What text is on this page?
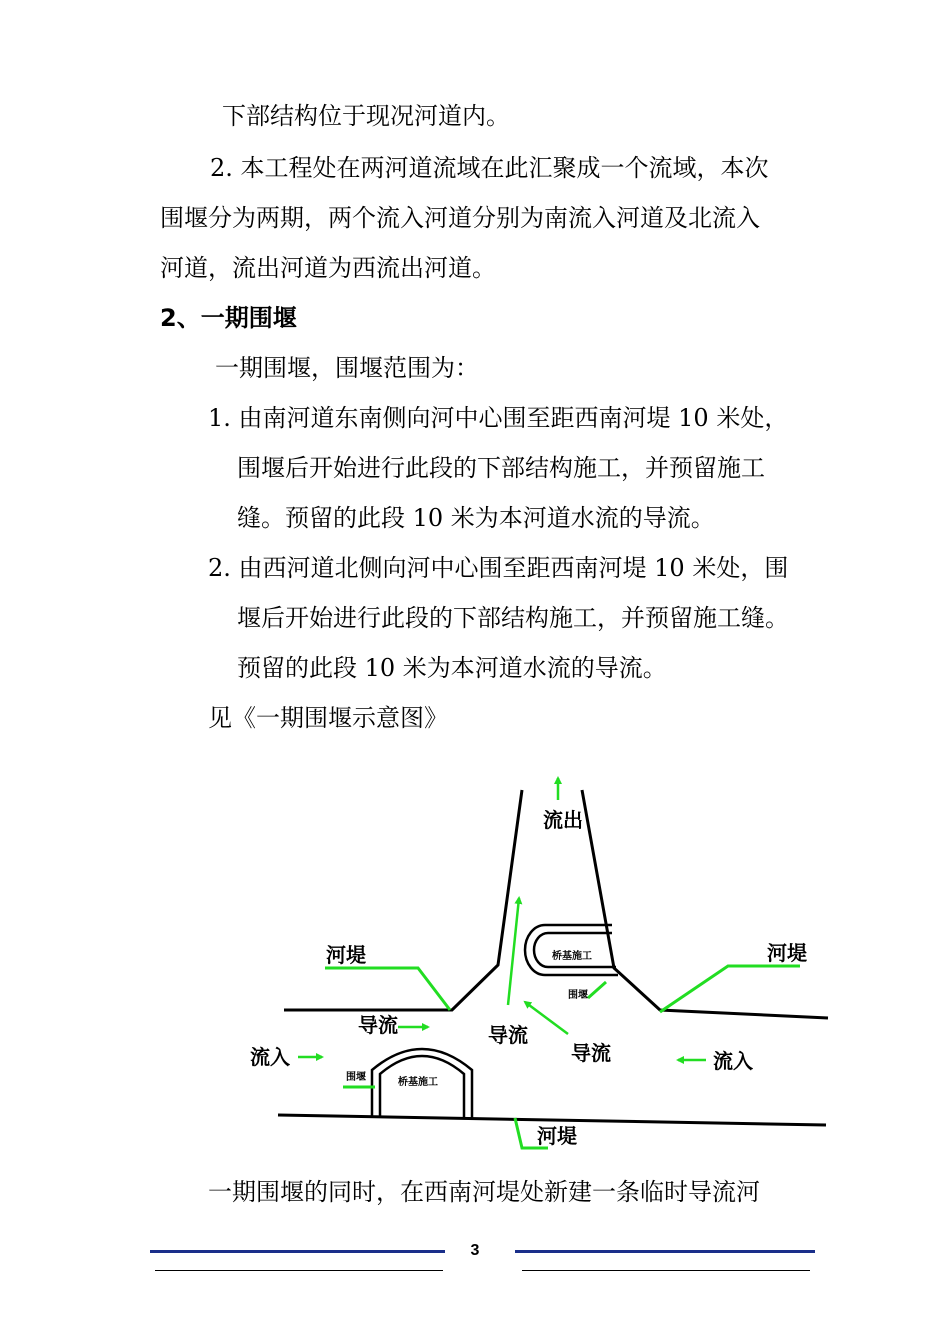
下部结构位于现况河道内。
2. 本工程处在两河道流域在此汇聚成一个流域，本次
围堰分为两期，两个流入河道分别为南流入河道及北流入
河道，流出河道为西流出河道。
2、一期围堰
一期围堰，围堰范围为：
1. 由南河道东南侧向河中心围至距西南河堤 10 米处，
围堰后开始进行此段的下部结构施工，并预留施工
缝。预留的此段 10 米为本河道水流的导流。
2. 由西河道北侧向河中心围至距西南河堤 10 米处，围
堰后开始进行此段的下部结构施工，并预留施工缝。
预留的此段 10 米为本河道水流的导流。
见《一期围堰示意图》
流出
河堤	河堤
河堤
桥基施工
桥基施工
围堰
围堰
导流	导流
导流
流入	流入
一期围堰的同时，在西南河堤处新建一条临时导流河
3
